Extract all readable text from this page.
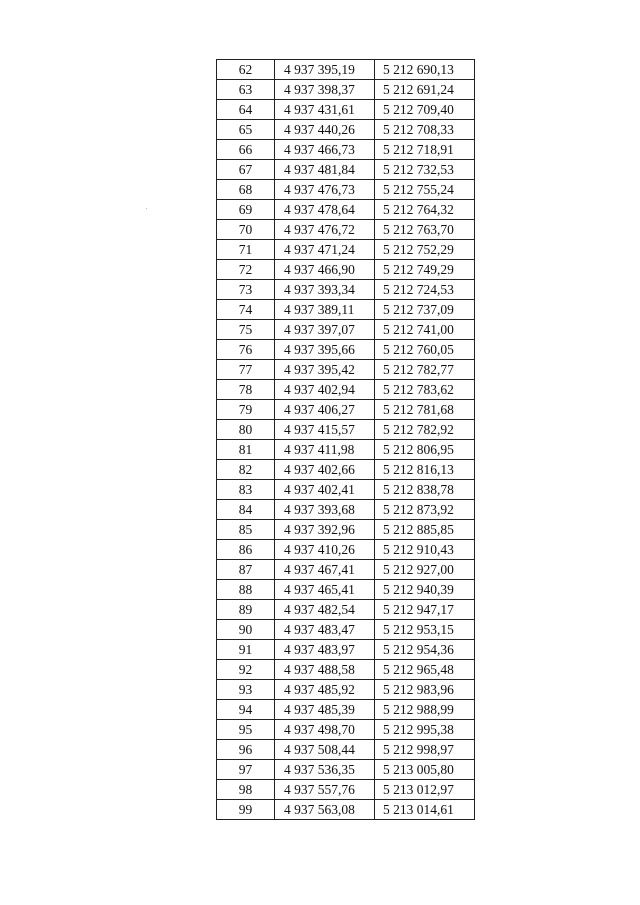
62	4 937 395,19	5 212 690,13
63	4 937 398,37	5 212 691,24
64	4 937 431,61	5 212 709,40
65	4 937 440,26	5 212 708,33
66	4 937 466,73	5 212 718,91
67	4 937 481,84	5 212 732,53
68	4 937 476,73	5 212 755,24
69	4 937 478,64	5 212 764,32
70	4 937 476,72	5 212 763,70
71	4 937 471,24	5 212 752,29
72	4 937 466,90	5 212 749,29
73	4 937 393,34	5 212 724,53
74	4 937 389,11	5 212 737,09
75	4 937 397,07	5 212 741,00
76	4 937 395,66	5 212 760,05
77	4 937 395,42	5 212 782,77
78	4 937 402,94	5 212 783,62
79	4 937 406,27	5 212 781,68
80	4 937 415,57	5 212 782,92
81	4 937 411,98	5 212 806,95
82	4 937 402,66	5 212 816,13
83	4 937 402,41	5 212 838,78
84	4 937 393,68	5 212 873,92
85	4 937 392,96	5 212 885,85
86	4 937 410,26	5 212 910,43
87	4 937 467,41	5 212 927,00
88	4 937 465,41	5 212 940,39
89	4 937 482,54	5 212 947,17
90	4 937 483,47	5 212 953,15
91	4 937 483,97	5 212 954,36
92	4 937 488,58	5 212 965,48
93	4 937 485,92	5 212 983,96
94	4 937 485,39	5 212 988,99
95	4 937 498,70	5 212 995,38
96	4 937 508,44	5 212 998,97
97	4 937 536,35	5 213 005,80
98	4 937 557,76	5 213 012,97
99	4 937 563,08	5 213 014,61
